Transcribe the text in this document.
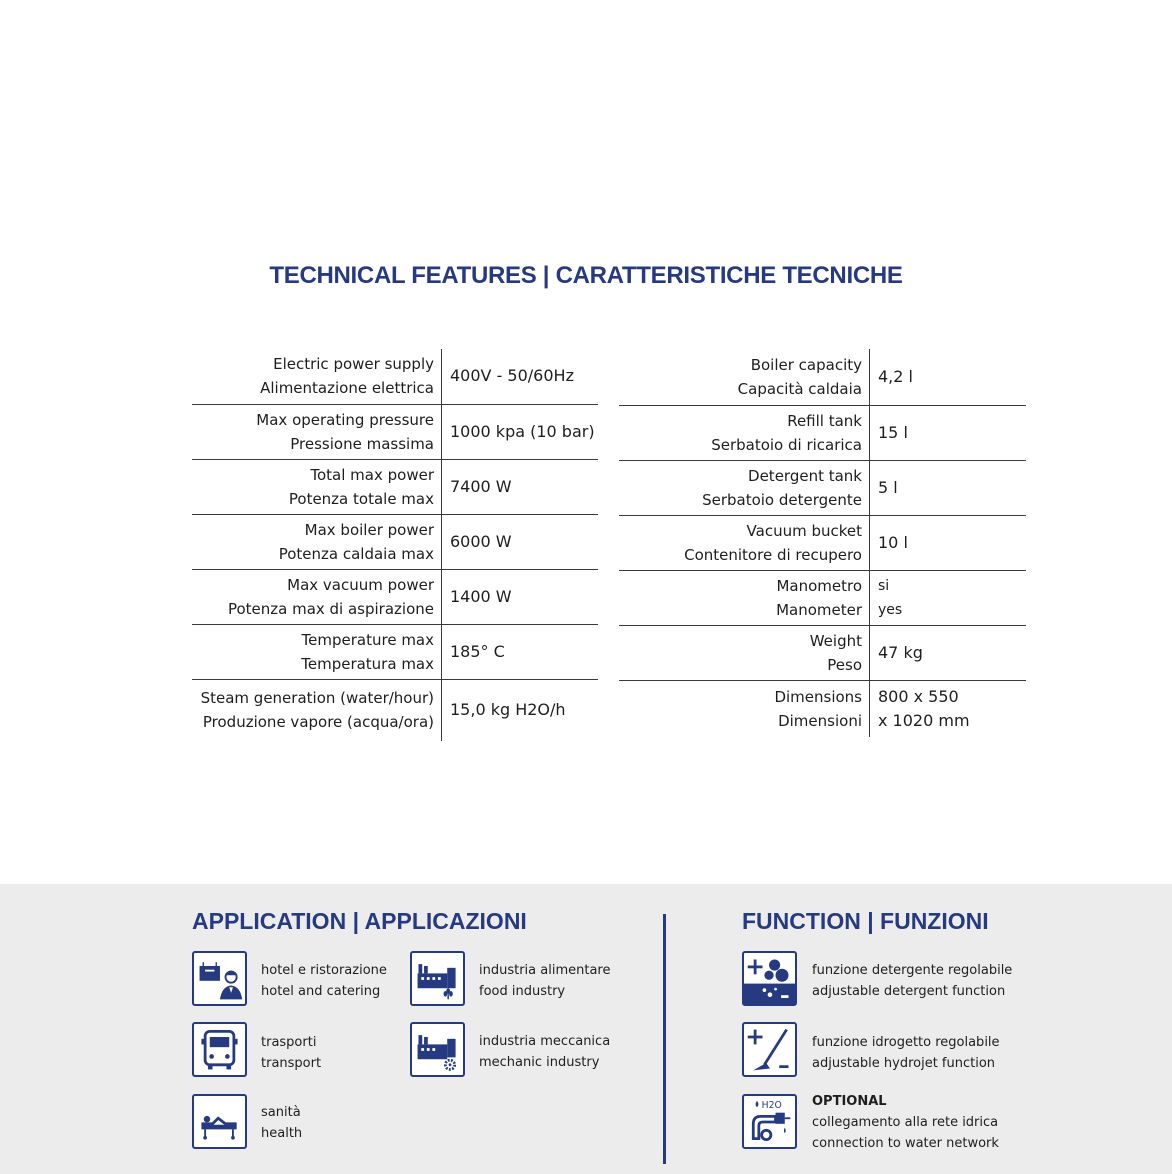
TECHNICAL FEATURES | CARATTERISTICHE TECNICHE
Electric power supply
Alimentazione elettrica	400V - 50/60Hz

Max operating pressure
Pressione massima	1000 kpa (10 bar)

Total max power
Potenza totale max	7400 W

Max boiler power
Potenza caldaia max	6000 W

Max vacuum power
Potenza max di aspirazione	1400 W

Temperature max
Temperatura max	185° C

Steam generation (water/hour)
Produzione vapore (acqua/ora)	15,0 kg H2O/h
Boiler capacity
Capacità caldaia	4,2 l

Refill tank
Serbatoio di ricarica	15 l

Detergent tank
Serbatoio detergente	5 l

Vacuum bucket
Contenitore di recupero	10 l

Manometro
Manometer	si
yes

Weight
Peso	47 kg

Dimensions
Dimensioni	800 x 550
x 1020 mm
APPLICATION | APPLICAZIONI	FUNCTION | FUNZIONI
hotel e ristorazione
hotel and catering
industria alimentare
food industry
trasporti
transport
industria meccanica
mechanic industry
sanità
health
funzione detergente regolabile
adjustable detergent function
funzione idrogetto regolabile
adjustable hydrojet function
H2O OPTIONAL
collegamento alla rete idrica
connection to water network
